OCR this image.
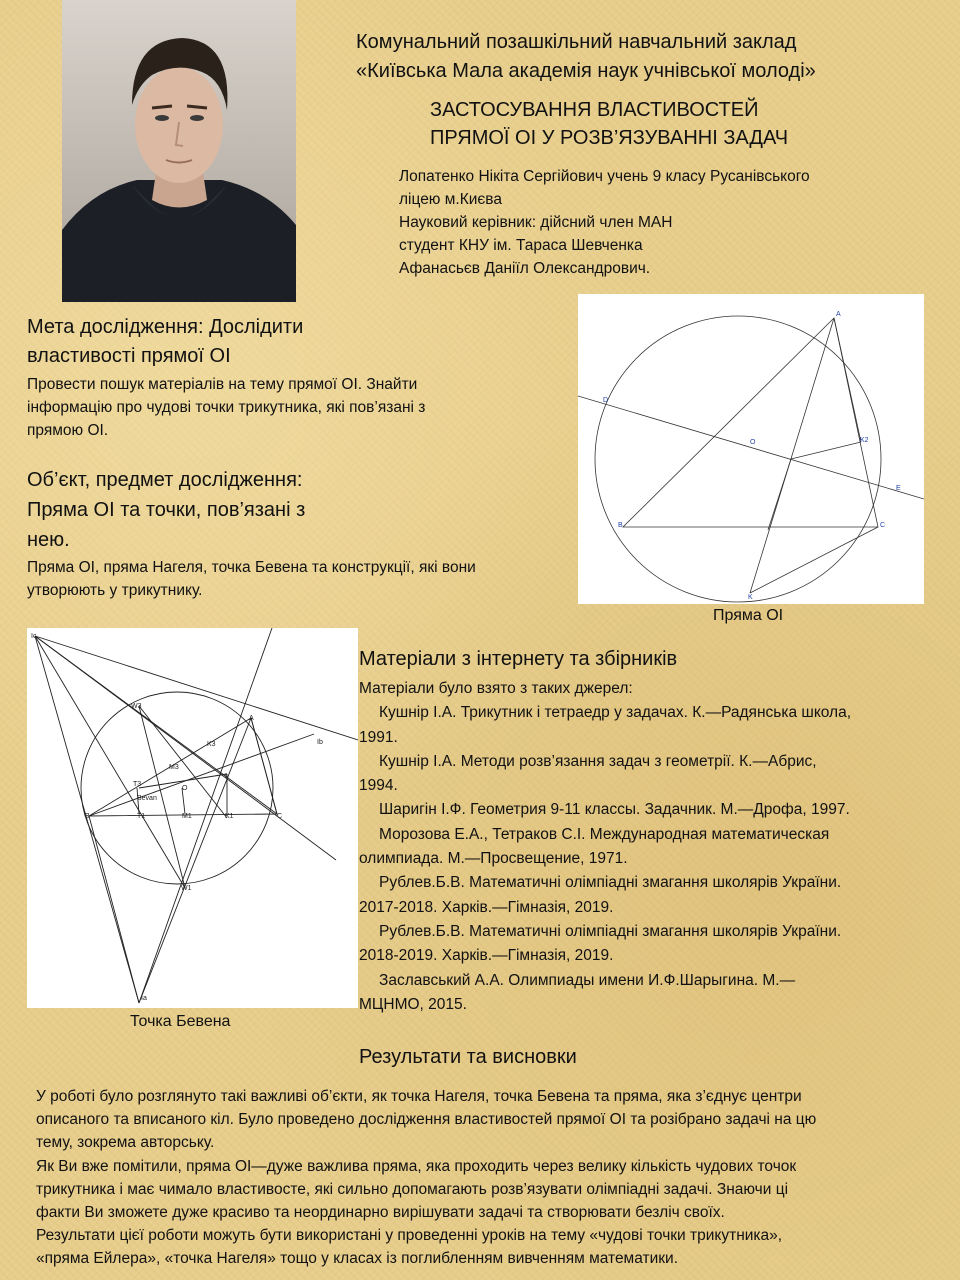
Комунальний позашкільний навчальний заклад
«Київська Мала академія наук учнівської молоді»
ЗАСТОСУВАННЯ ВЛАСТИВОСТЕЙ
ПРЯМОЇ OI У РОЗВ’ЯЗУВАННІ ЗАДАЧ
Лопатенко Нікіта Сергійович учень 9 класу Русанівського
ліцею м.Києва
Науковий керівник: дійсний член МАН
студент КНУ ім. Тараса Шевченка
Афанасьєв Даніїл Олександрович.
Мета дослідження: Дослідити
властивості прямої OI
Провести пошук матеріалів на тему прямої OI. Знайти
інформацію про чудові точки трикутника, які пов’язані з
прямою OI.
Об’єкт, предмет дослідження:
Пряма OI та точки, пов’язані з
нею.
Пряма OI, пряма Нагеля, точка Бевена та конструкції, які вони
утворюють у трикутнику.
A
B	C
O
D
K2
E
K
Пряма OI
Ic
Ib
Ia
A
B	C
W3
W1
K3
M3
T3
Bevan
O
I
T1	M1	K1
Точка Бевена
Матеріали з інтернету та збірників

Матеріали було взято з таких джерел:

Кушнір І.А. Трикутник і тетраедр у задачах. К.—Радянська школа,

1991.

Кушнір І.А. Методи розв’язання задач з геометрії. К.—Абрис,

1994.

Шаригін І.Ф. Геометрия 9-11 классы. Задачник. М.—Дрофа, 1997.

Морозова Е.А., Тетраков С.І. Международная математическая

олимпиада. М.—Просвещение, 1971.

Рублев.Б.В. Математичні олімпіадні змагання школярів України.

2017-2018. Харків.—Гімназія, 2019.

Рублев.Б.В. Математичні олімпіадні змагання школярів України.

2018-2019. Харків.—Гімназія, 2019.

Заславський А.А. Олимпиады имени И.Ф.Шарыгина. М.—

МЦНМО, 2015.

Результати та висновки
У роботі було розглянуто такі важливі об’єкти, як точка Нагеля, точка Бевена та пряма, яка з’єднує центри
описаного та вписаного кіл. Було проведено дослідження властивостей прямої OI та розібрано задачі на цю
тему, зокрема авторську.
Як Ви вже помітили, пряма OI—дуже важлива пряма, яка проходить через велику кількість чудових точок
трикутника і має чимало властивосте, які сильно допомагають розв’язувати олімпіадні задачі. Знаючи ці
факти Ви зможете дуже красиво та неординарно вирішувати задачі та створювати безліч своїх.
Результати цієї роботи можуть бути використані у проведенні уроків на тему «чудові точки трикутника»,
«пряма Ейлера», «точка Нагеля» тощо у класах із поглибленням вивченням математики.
